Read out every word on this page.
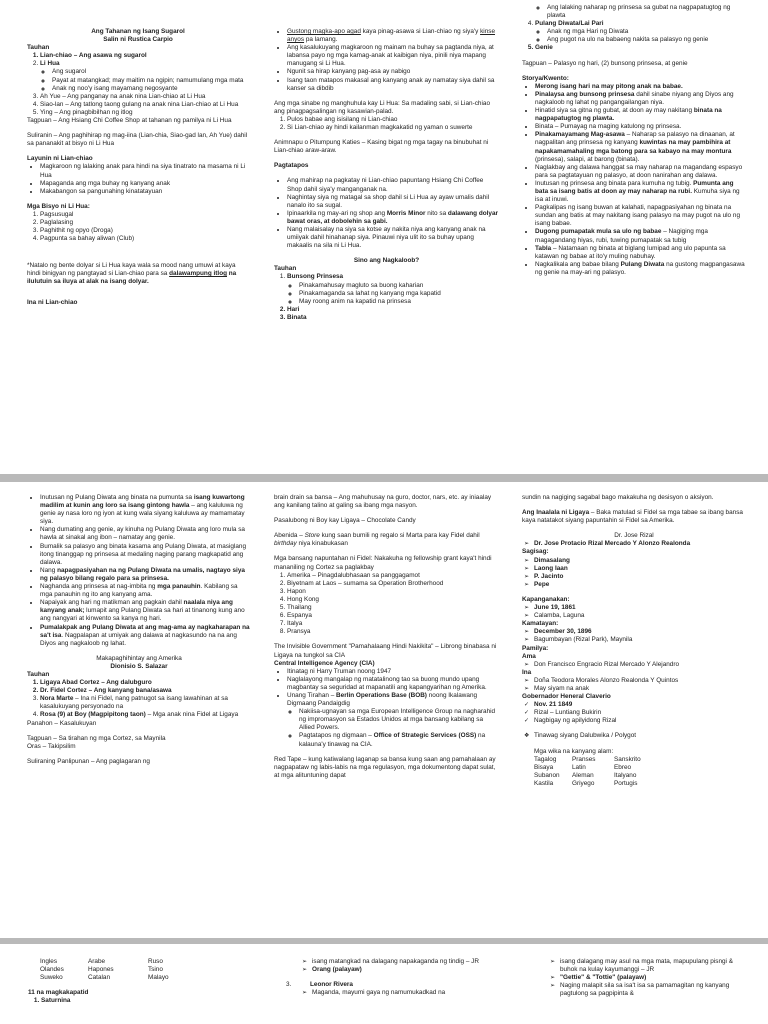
Ang Tahanan ng Isang Sugarol

Salin ni Rustica Carpio

Tauhan

1. Lian-chiao – Ang asawa ng sugarol
2. Li Hua
◦ Ang sugarol
◦ Payat at matangkad; may maitim na ngipin; namumulang mga mata
◦ Anak ng noo'y isang mayamang negosyante
3. Ah Yue – Ang panganay na anak nina Lian-chiao at Li Hua
4. Siao-lan – Ang tatlong taong gulang na anak nina Lian-chiao at Li Hua
5. Ying – Ang pinagbibilhan ng itlog

Tagpuan – Ang Hsiang Chi Coffee Shop at tahanan ng pamilya ni Li Hua

Suliranin – Ang paghihirap ng mag-iina (Lian-chia, Siao-gad lan, Ah Yue) dahil sa pananakit at bisyo ni Li Hua

Layunin ni Lian-chiao

• Magkaroon ng lalaking anak para hindi na siya tinatrato na masama ni Li Hua
• Mapaganda ang mga buhay ng kanyang anak
• Makabangon sa pangunahing kinatatayuan

Mga Bisyo ni Li Hua:

1. Pagsusugal
2. Paglalasing
3. Paghithit ng opyo (Droga)
4. Pagpunta sa bahay aliwan (Club)

*Natalo ng bente dolyar si Li Hua kaya wala sa mood nang umuwi at kaya hindi binigyan ng pangtayad si Lian-chiao para sa dalawampung itlog na ilulutuin sa iluya at alak na isang dolyar.

Ina ni Lian-chiao

• Gustong magka-apo agad kaya pinag-asawa si Lian-chiao ng siya'y kinse anyos pa lamang.
• Ang kasalukuyang magkaroon ng mainam na buhay sa pagtanda niya, at labansa payo ng mga kamag-anak at kaibigan niya, pinili niya mapang manugang si Li Hua.
• Ngunit sa hirap kanyang pag-asa ay nabigo
• Isang taon matapos makasal ang kanyang anak ay namatay siya dahil sa kanser sa dibdib

Ang mga sinabe ng manghuhula kay Li Hua: Sa madaling sabi, si Lian-chiao ang pinagpagsalingan ng kasawian-palad.

1. Pulos babae ang isisilang ni Lian-chiao
2. Si Lian-chiao ay hindi kailanman magkakatid ng yaman o suwerte

Animnapu o Pitumpung Katies – Kasing bigat ng mga tagay na binubuhat ni Lian-chiao araw-araw.

Pagtatapos

• Ang mahirap na pagkatay ni Lian-chiao papuntang Hsiang Chi Coffee Shop dahil siya'y manganganak na.
• Naghintay siya ng matagal sa shop dahil si Li Hua ay ayaw umalis dahil nanalo ito sa sugal.
• Ipinaarkila ng may-ari ng shop ang Morris Minor nito sa dalawang dolyar bawat oras, at dobolehin sa gabi.
• Nang malaisalay na siya sa kotse ay nakita niya ang kanyang anak na umiiyak dahil hinahanap siya. Pinauwi niya ulit ito sa buhay upang makaalis na sila ni Li Hua.

Sino ang Nagkaloob?

Tauhan

1. Bunsong Prinsesa
◦ Pinakamahusay magluto sa buong kaharian
◦ Pinakamaganda sa lahat ng kanyang mga kapatid
◦ May roong anim na kapatid na prinsesa
2. Hari
3. Binata
◦ Ang lalaking naharap ng prinsesa sa gubat na nagpapatugtog ng plawta
4. Pulang Diwata/Lai Pari
◦ Anak ng mga Hari ng Diwata
◦ Ang pugot na ulo na babaeng nakita sa palasyo ng genie
5. Genie

Tagpuan – Palasyo ng hari, (2) bunsong prinsesa, at genie

Storya/Kwento:

• Merong isang hari na may pitong anak na babae.
• Pinalaysa ang bunsong prinsesa dahil sinabe niyang ang Diyos ang nagkaloob ng lahat ng pangangailangan niya.
• Hinatid siya sa gitna ng gubat, at doon ay may nakitang binata na nagpapatugtog ng plawta.
• Binata – Pumayag na maging katulong ng prinsesa.
• Pinakamayamang Mag-asawa – Naharap sa palasyo na dinaanan, at nagpalitan ang prinsesa ng kanyang kuwintas na may pambihira at napakamamahaling mga batong para sa kabayo na may montura (prinsesa), salapi, at barong (binata).
• Naglakbay ang dalawa hanggat sa may naharap na magandang espasyo para sa pagtatayuan ng palasyo, at doon nanirahan ang dalawa.
• Inutusan ng prinsesa ang binata para kumuha ng tubig. Pumunta ang bata sa isang batis at doon ay may naharap na rubi. Kumuha siya ng isa at inuwi.
• Pagkalipas ng isang buwan at kalahati, napagpasiyahan ng binata na sundan ang batis at may nakitang isang palasyo na may pugot na ulo ng isang babae.
• Dugong pumapatak mula sa ulo ng babae – Nagiging mga magagandang hiyas, rubi, tuwing pumapatak sa tubig
• Tabla – Natamaan ng binata at biglang lumipad ang ulo papunta sa katawan ng babae at ito'y muling nabuhay.
• Nagkalikala ang babae bilang Pulang Diwata na gustong magpangasawa ng genie na may-ari ng palasyo.
• Inutusan ng Pulang Diwata ang binata na pumunta sa isang kuwartong madilim at kunin ang loro sa isang gintong hawla – ang kaluluwa ng genie ay nasa loro ng iyon at kung wala siyang kaluluwa ay mamamatay siya.
• Nang dumating ang genie, ay kinuha ng Pulang Diwata ang loro mula sa hawla at sinakal ang ibon – namatay ang genie.
• Bumalik sa palasyo ang binata kasama ang Pulang Diwata, at masiglang itong tinanggap ng prinsesa at medaling naging parang magkapatid ang dalawa.
• Nang napagpasiyahan na ng Pulang Diwata na umalis, nagtayo siya ng palasyo bilang regalo para sa prinsesa.
• Naghanda ang prinsesa at nag-imbita ng mga panauhin. Kabilang sa mga panauhin ng ito ang kanyang ama.
• Napaiyak ang hari ng matikman ang pagkain dahil naalala niya ang kanyang anak; lumapit ang Pulang Diwata sa hari at tinanong kung ano ang nangyari at kinwento sa kanya ng hari.
• Pumalakpak ang Pulang Diwata at ang mag-ama ay nagkaharapan na sa't isa. Nagpalapan at umiyak ang dalawa at nagkasundo na na ang Diyos ang nagkaloob ng lahat.

Makapaghihintay ang Amerika

Dionisio S. Salazar

Tauhan

1. Ligaya Abad Cortez – Ang dalubguro
2. Dr. Fidel Cortez – Ang kanyang bana/asawa
3. Nora Marte – Ina ni Fidel, nang patnugot sa isang lawahinan at sa kasalukuyang persyonado na
4. Rosa (9) at Boy (Magpipitong taon) – Mga anak nina Fidel at Ligaya

Panahon – Kasalukuyan

Tagpuan – Sa tirahan ng mga Cortez, sa Maynila

Oras – Takipsilim

Suliraning Panlipunan – Ang paglagaran ng

brain drain sa bansa – Ang mahuhusay na guro, doctor, nars, etc. ay iniaalay ang kanilang talino at galing sa ibang mga nasyon.

Pasalubong ni Boy kay Ligaya – Chocolate Candy

Abenida – Store kung saan bumili ng regalo si Marta para kay Fidel dahil birthday niya kinabukasan

Mga bansang napuntahan ni Fidel: Nakakuha ng fellowship grant kaya't hindi mananiling ng Cortez sa paglakbay

1. Amerika – Pinagdalubhasaan sa panggagamot
2. Biyetnam at Laos – sumama sa Operation Brotherhood
3. Hapon
4. Hong Kong
5. Thailang
6. Espanya
7. Italya
8. Pransya

The Invisible Government "Pamahalaang Hindi Nakikita" – Librong binabasa ni Ligaya na tungkol sa CIA

Central Intelligence Agency (CIA)

• Itinatag ni Harry Truman noong 1947
• Naglalayong mangalap ng matatalinong tao sa buong mundo upang magbantay sa seguridad at mapanatili ang kapangyarihan ng Amerika.
• Unang Tirahan – Berlin Operations Base (BOB) noong Ikalawang Digmaang Pandaigdig
◦ Nakiisa-ugnayan sa mga European Intelligence Group na nagharahid ng impromasyon sa Estados Unidos at mga bansang kabilang sa Allied Powers.
◦ Pagtatapos ng digmaan – Office of Strategic Services (OSS) na kalauna'y tinawag na CIA.

Red Tape – kung katiwalang laganap sa bansa kung saan ang pamahalaan ay nagpapataw ng labis-labis na mga regulasyon, mga dokumentong dapat sulat, at mga alituntuning dapat

sundin na nagiging sagabal bago makakuha ng desisyon o aksiyon.

Ang Inaalala ni Ligaya – Baka matulad si Fidel sa mga tabae sa ibang bansa kaya natatakot siyang papuntahin si Fidel sa Amerika.

Dr. Jose Rizal

➢ Dr. Jose Protacio Rizal Mercado Y Alonzo Realonda

Sagisag:

➢ Dimasalang
➢ Laong Iaan
➢ P. Jacinto
➢ Pepe

Kapanganakan:

➢ June 19, 1861
➢ Calamba, Laguna

Kamatayan:

➢ December 30, 1896
➢ Bagumbayan (Rizal Park), Maynila

Pamilya:

Ama

➢ Don Francisco Engracio Rizal Mercado Y Alejandro

Ina

➢ Doña Teodora Morales Alonzo Realonda Y Quintos
➢ May siyam na anak

Gobernador Heneral Claverio

✓ Nov. 21 1849
✓ Rizal – Luntiang Bukirin
✓ Nagbigay ng apilyidong Rizal
❖ Tinawag siyang Dalubwika / Polygot

Mga wika na kanyang alam:

Tagalog	Pranses	Sanskrito
Bisaya	Latin	Ebreo
Subanon	Aleman	Italyano
Kastila	Griyego	Portugis
Ingles	Arabe	Ruso
Olandes	Hapones	Tsino
Suweko	Catalan	Malayo

11 na magkakapatid

1. Saturnina
➢ isang matangkad na dalagang napakaganda ng tindig – JR
➢ Orang (palayaw)

3.	Leonor Rivera

➢ Maganda, mayumi gaya ng namumukadkad na
➢ isang dalagang may asul na mga mata, mapupulang pisngi & buhok na kulay kayumanggi – JR
➢ "Gettie" & "Tottie" (palayaw)
➢ Naging malapit sila sa isa't isa sa pamamagitan ng kanyang pagtulong sa pagpipinta &
